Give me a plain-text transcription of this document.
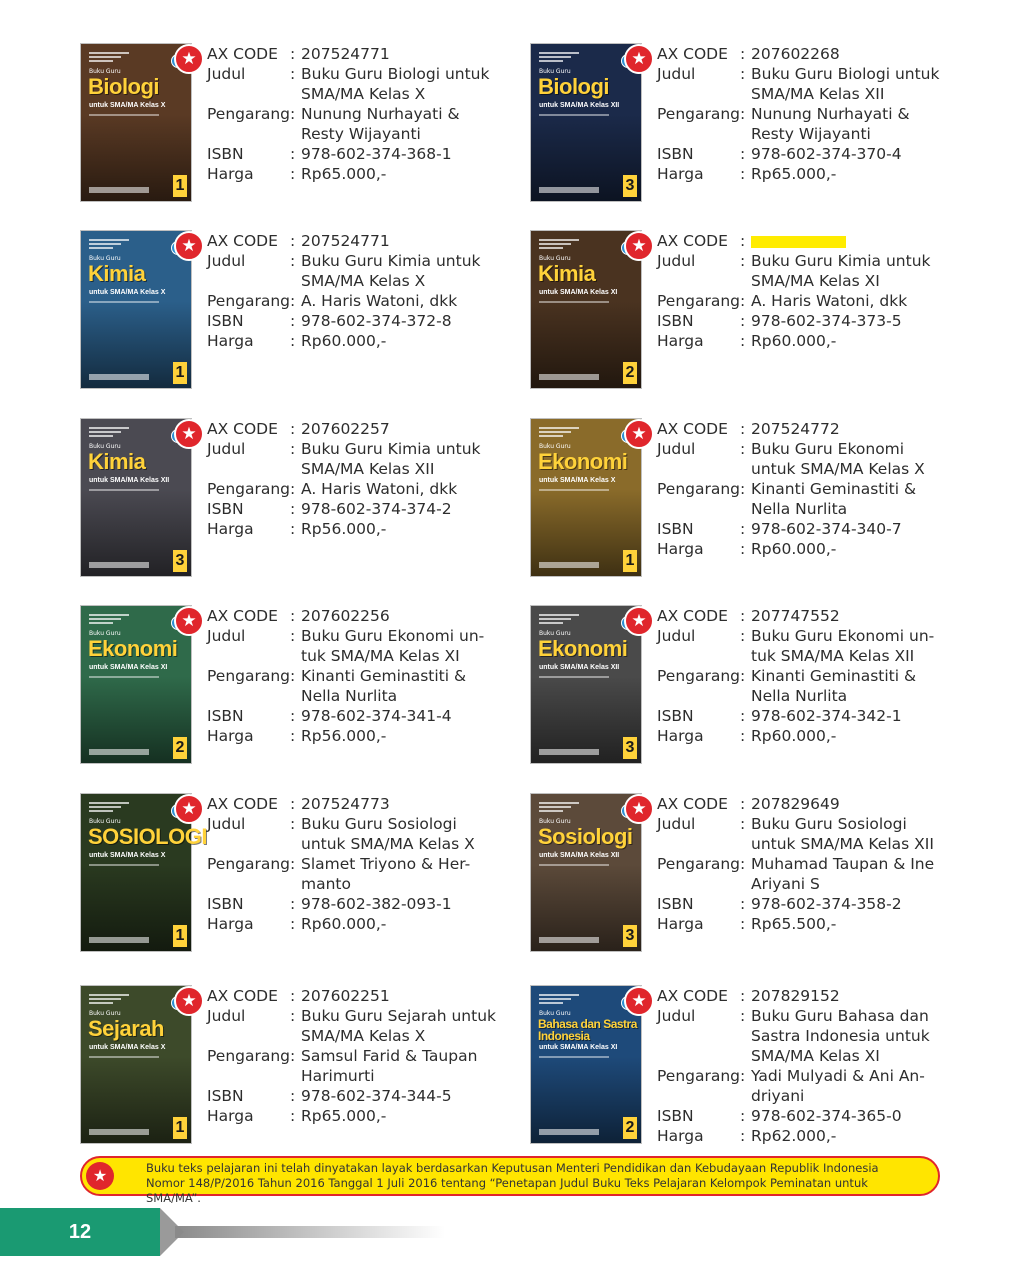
Buku Guru
Biologi
untuk SMA/MA Kelas X
1
★ AX CODE : 207524771
Judul	: Buku Guru Biologi untuk
SMA/MA Kelas X
Pengarang : Nunung Nurhayati &
Resty Wijayanti
ISBN	: 978-602-374-368-1
Harga	: Rp65.000,-
Buku Guru
Biologi
untuk SMA/MA Kelas XII
3
★ AX CODE : 207602268
Judul	: Buku Guru Biologi untuk
SMA/MA Kelas XII
Pengarang : Nunung Nurhayati &
Resty Wijayanti
ISBN	: 978-602-374-370-4
Harga	: Rp65.000,-
Buku Guru
Kimia
untuk SMA/MA Kelas X
1
★ AX CODE : 207524771
Judul	: Buku Guru Kimia untuk
SMA/MA Kelas X
Pengarang : A. Haris Watoni, dkk
ISBN	: 978-602-374-372-8
Harga	: Rp60.000,-
Buku Guru
Kimia
untuk SMA/MA Kelas XI
2
★ AX CODE :
Judul	: Buku Guru Kimia untuk
SMA/MA Kelas XI
Pengarang : A. Haris Watoni, dkk
ISBN	: 978-602-374-373-5
Harga	: Rp60.000,-
Buku Guru
Kimia
untuk SMA/MA Kelas XII
3
★ AX CODE : 207602257
Judul	: Buku Guru Kimia untuk
SMA/MA Kelas XII
Pengarang : A. Haris Watoni, dkk
ISBN	: 978-602-374-374-2
Harga	: Rp56.000,-
Buku Guru
Ekonomi
untuk SMA/MA Kelas X
1
★ AX CODE : 207524772
Judul	: Buku Guru Ekonomi
untuk SMA/MA Kelas X
Pengarang : Kinanti Geminastiti &
Nella Nurlita
ISBN	: 978-602-374-340-7
Harga	: Rp60.000,-
Buku Guru
Ekonomi
untuk SMA/MA Kelas XI
2
★ AX CODE : 207602256
Judul	: Buku Guru Ekonomi un-
tuk SMA/MA Kelas XI
Pengarang : Kinanti Geminastiti &
Nella Nurlita
ISBN	: 978-602-374-341-4
Harga	: Rp56.000,-
Buku Guru
Ekonomi
untuk SMA/MA Kelas XII
3
★ AX CODE : 207747552
Judul	: Buku Guru Ekonomi un-
tuk SMA/MA Kelas XII
Pengarang : Kinanti Geminastiti &
Nella Nurlita
ISBN	: 978-602-374-342-1
Harga	: Rp60.000,-
Buku Guru
SOSIOLOGI
untuk SMA/MA Kelas X
1
★ AX CODE : 207524773
Judul	: Buku Guru Sosiologi
untuk SMA/MA Kelas X
Pengarang : Slamet Triyono & Her-
manto
ISBN	: 978-602-382-093-1
Harga	: Rp60.000,-
Buku Guru
Sosiologi
untuk SMA/MA Kelas XII
3
★ AX CODE : 207829649
Judul	: Buku Guru Sosiologi
untuk SMA/MA Kelas XII
Pengarang : Muhamad Taupan & Ine
Ariyani S
ISBN	: 978-602-374-358-2
Harga	: Rp65.500,-
Buku Guru
Sejarah
untuk SMA/MA Kelas X
1
★ AX CODE : 207602251
Judul	: Buku Guru Sejarah untuk
SMA/MA Kelas X
Pengarang : Samsul Farid & Taupan
Harimurti
ISBN	: 978-602-374-344-5
Harga	: Rp65.000,-
Buku Guru
Bahasa dan Sastra Indonesia
untuk SMA/MA Kelas XI
2
★ AX CODE : 207829152
Judul	: Buku Guru Bahasa dan
Sastra Indonesia untuk
SMA/MA Kelas XI
Pengarang : Yadi Mulyadi & Ani An-
driyani
ISBN	: 978-602-374-365-0
Harga	: Rp62.000,-
★	Buku teks pelajaran ini telah dinyatakan layak berdasarkan Keputusan Menteri Pendidikan dan Kebudayaan Republik Indonesia Nomor 148/P/2016 Tahun 2016 Tanggal 1 Juli 2016 tentang “Penetapan Judul Buku Teks Pelajaran Kelompok Peminatan untuk SMA/MA”.
12
